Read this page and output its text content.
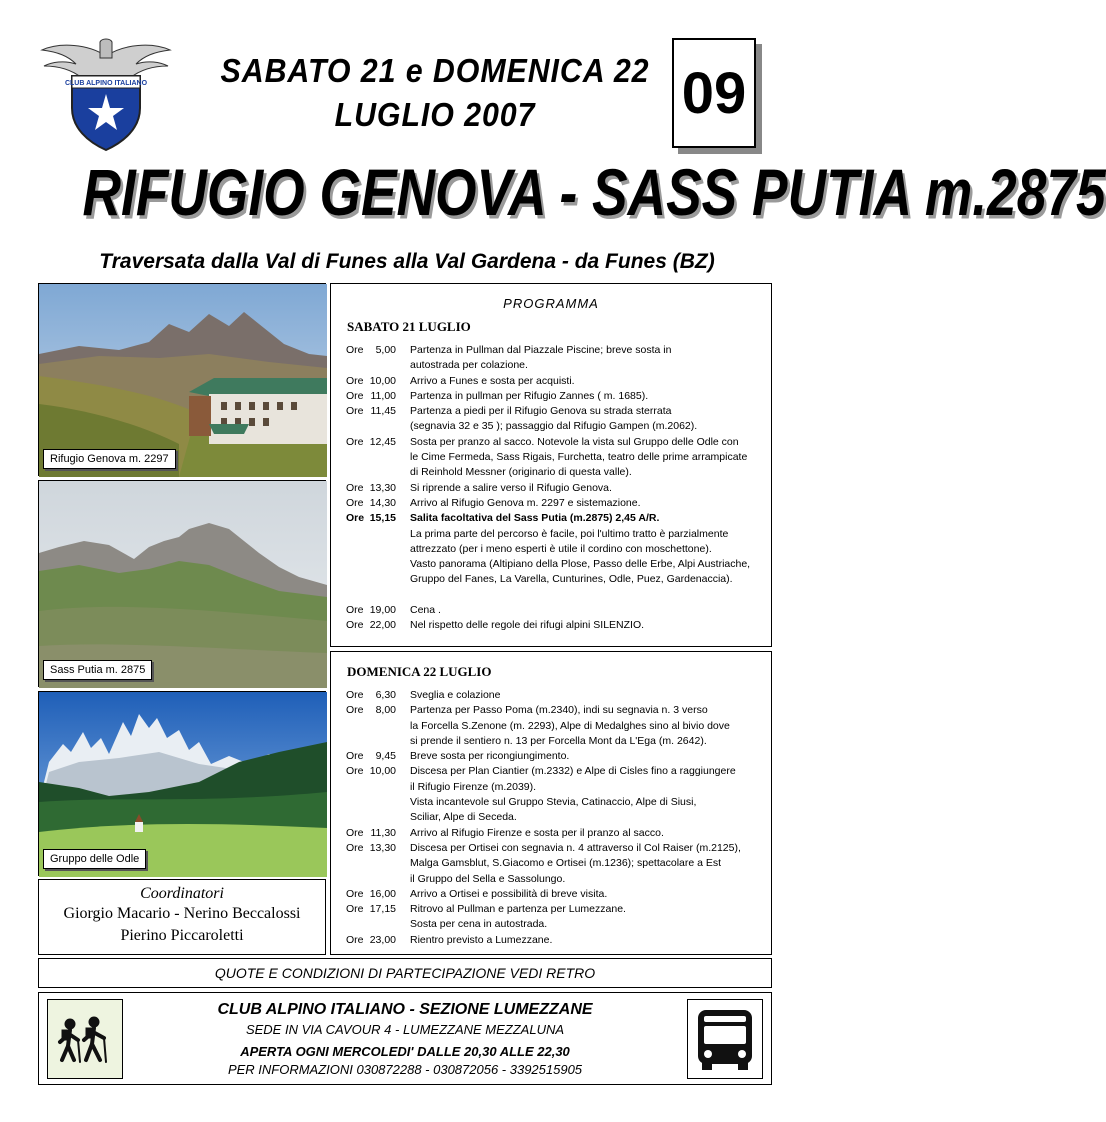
CLUB ALPINO ITALIANO	SABATO 21 e DOMENICA 22
LUGLIO 2007	09
RIFUGIO GENOVA - SASS PUTIA m.2875
Traversata dalla Val di Funes alla Val Gardena - da Funes (BZ)
Rifugio Genova m. 2297
Sass Putia m. 2875
Gruppo delle Odle
Coordinatori
Giorgio Macario - Nerino Beccalossi
Pierino Piccaroletti
PROGRAMMA
SABATO 21 LUGLIO
Ore	5,00 Partenza in Pullman dal Piazzale Piscine; breve sosta in
autostrada per colazione.
Ore 10,00 Arrivo a Funes e sosta per acquisti.
Ore 11,00 Partenza in pullman per Rifugio Zannes ( m. 1685).
Ore 11,45 Partenza a piedi per il Rifugio Genova su strada sterrata
(segnavia 32 e 35 ); passaggio dal Rifugio Gampen (m.2062).
Ore 12,45 Sosta per pranzo al sacco. Notevole la vista sul Gruppo delle Odle con
le Cime Fermeda, Sass Rigais, Furchetta, teatro delle prime arrampicate
di Reinhold Messner (originario di questa valle).
Ore 13,30 Si riprende a salire verso il Rifugio Genova.
Ore 14,30 Arrivo al Rifugio Genova m. 2297 e sistemazione.
Ore 15,15 Salita facoltativa del Sass Putia (m.2875) 2,45 A/R.
La prima parte del percorso è facile, poi l'ultimo tratto è parzialmente
attrezzato (per i meno esperti è utile il cordino con moschettone).
Vasto panorama (Altipiano della Plose, Passo delle Erbe, Alpi Austriache,
Gruppo del Fanes, La Varella, Cunturines, Odle, Puez, Gardenaccia).

Ore 19,00 Cena .
Ore 22,00 Nel rispetto delle regole dei rifugi alpini SILENZIO.
DOMENICA 22 LUGLIO
Ore	6,30 Sveglia e colazione
Ore	8,00 Partenza per Passo Poma (m.2340), indi su segnavia n. 3 verso
la Forcella S.Zenone (m. 2293), Alpe di Medalghes sino al bivio dove
si prende il sentiero n. 13 per Forcella Mont da L'Ega (m. 2642).
Ore	9,45 Breve sosta per ricongiungimento.
Ore 10,00 Discesa per Plan Ciantier (m.2332) e Alpe di Cisles fino a raggiungere
il Rifugio Firenze (m.2039).
Vista incantevole sul Gruppo Stevia, Catinaccio, Alpe di Siusi,
Sciliar, Alpe di Seceda.
Ore 11,30 Arrivo al Rifugio Firenze e sosta per il pranzo al sacco.
Ore 13,30 Discesa per Ortisei con segnavia n. 4 attraverso il Col Raiser (m.2125),
Malga Gamsblut, S.Giacomo e Ortisei (m.1236); spettacolare a Est
il Gruppo del Sella e Sassolungo.
Ore 16,00 Arrivo a Ortisei e possibilità di breve visita.
Ore 17,15 Ritrovo al Pullman e partenza per Lumezzane.
Sosta per cena in autostrada.
Ore 23,00 Rientro previsto a Lumezzane.
QUOTE E CONDIZIONI DI PARTECIPAZIONE VEDI RETRO
CLUB ALPINO ITALIANO - SEZIONE LUMEZZANE
SEDE IN VIA CAVOUR 4 - LUMEZZANE MEZZALUNA
APERTA OGNI MERCOLEDI' DALLE 20,30 ALLE 22,30
PER INFORMAZIONI 030872288 - 030872056 - 3392515905
